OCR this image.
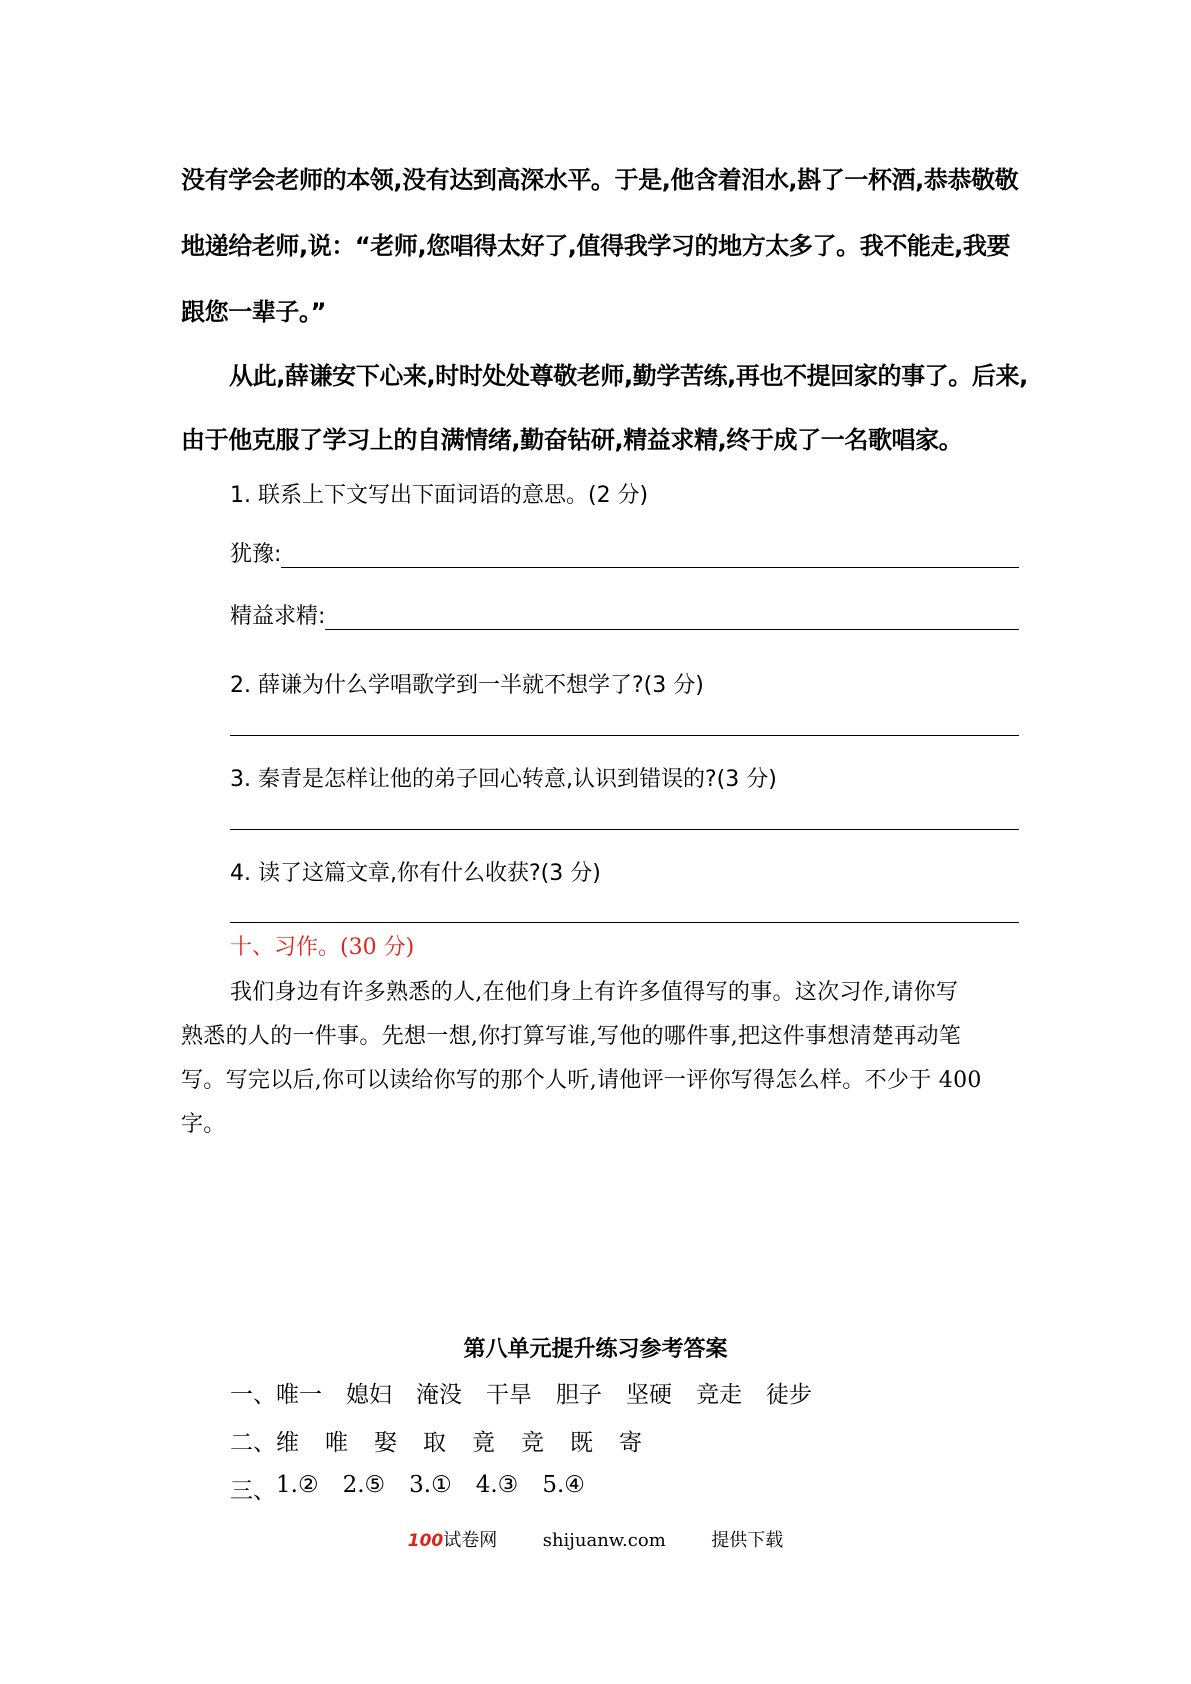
没有学会老师的本领,没有达到高深水平。于是,他含着泪水,斟了一杯酒,恭恭敬敬
地递给老师,说：“老师,您唱得太好了,值得我学习的地方太多了。我不能走,我要
跟您一辈子。”
从此,薛谦安下心来,时时处处尊敬老师,勤学苦练,再也不提回家的事了。后来,
由于他克服了学习上的自满情绪,勤奋钻研,精益求精,终于成了一名歌唱家。
1. 联系上下文写出下面词语的意思。(2 分)
犹豫:
精益求精:
2. 薛谦为什么学唱歌学到一半就不想学了?(3 分)
3. 秦青是怎样让他的弟子回心转意,认识到错误的?(3 分)
4. 读了这篇文章,你有什么收获?(3 分)
十、习作。(30 分)
我们身边有许多熟悉的人,在他们身上有许多值得写的事。这次习作,请你写
熟悉的人的一件事。先想一想,你打算写谁,写他的哪件事,把这件事想清楚再动笔
写。写完以后,你可以读给你写的那个人听,请他评一评你写得怎么样。不少于 400
字。
第八单元提升练习参考答案
一、 唯一 媳妇 淹没 干旱 胆子 坚硬 竞走 徒步
二、 维 唯 娶 取 竟 竞 既 寄
三、 1.② 2.⑤ 3.① 4.③ 5.④
100试卷网	shijuanw.com	提供下载
